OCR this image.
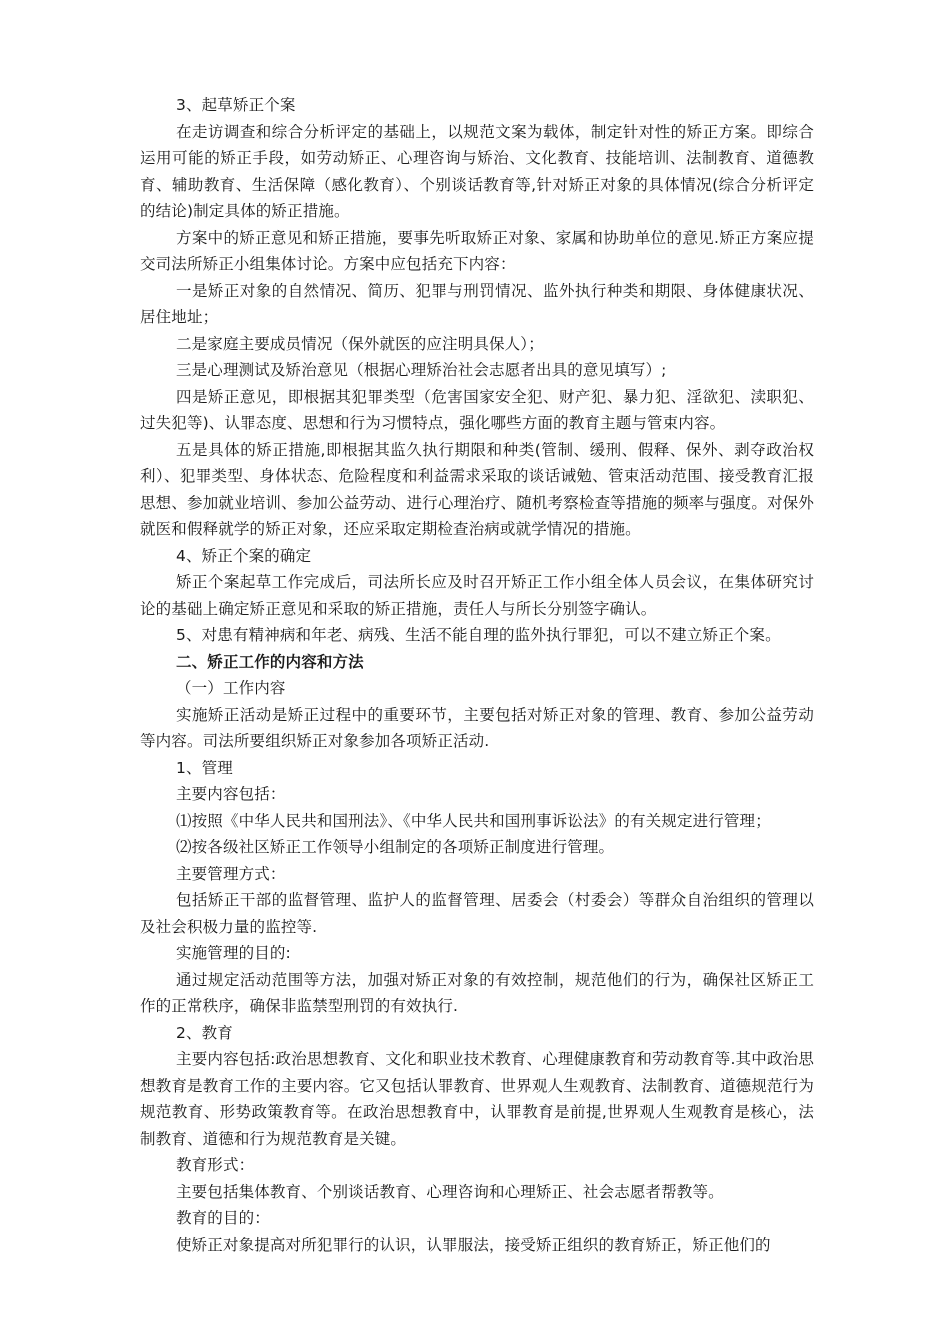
3、起草矫正个案

在走访调查和综合分析评定的基础上，以规范文案为载体，制定针对性的矫正方案。即综合运用可能的矫正手段，如劳动矫正、心理咨询与矫治、文化教育、技能培训、法制教育、道德教育、辅助教育、生活保障（感化教育）、个别谈话教育等,针对矫正对象的具体情况(综合分析评定的结论)制定具体的矫正措施。

方案中的矫正意见和矫正措施，要事先听取矫正对象、家属和协助单位的意见.矫正方案应提交司法所矫正小组集体讨论。方案中应包括充下内容：

一是矫正对象的自然情况、简历、犯罪与刑罚情况、监外执行种类和期限、身体健康状况、居住地址；

二是家庭主要成员情况（保外就医的应注明具保人）；

三是心理测试及矫治意见（根据心理矫治社会志愿者出具的意见填写）;

四是矫正意见，即根据其犯罪类型（危害国家安全犯、财产犯、暴力犯、淫欲犯、渎职犯、过失犯等)、认罪态度、思想和行为习惯特点，强化哪些方面的教育主题与管束内容。

五是具体的矫正措施,即根据其监久执行期限和种类(管制、缓刑、假释、保外、剥夺政治权利）、犯罪类型、身体状态、危险程度和利益需求采取的谈话诫勉、管束活动范围、接受教育汇报思想、参加就业培训、参加公益劳动、进行心理治疗、随机考察检查等措施的频率与强度。对保外就医和假释就学的矫正对象，还应采取定期检查治病或就学情况的措施。

4、矫正个案的确定

矫正个案起草工作完成后，司法所长应及时召开矫正工作小组全体人员会议，在集体研究讨论的基础上确定矫正意见和采取的矫正措施，责任人与所长分别签字确认。

5、对患有精神病和年老、病残、生活不能自理的监外执行罪犯，可以不建立矫正个案。

二、矫正工作的内容和方法

（一）工作内容

实施矫正活动是矫正过程中的重要环节，主要包括对矫正对象的管理、教育、参加公益劳动等内容。司法所要组织矫正对象参加各项矫正活动.

1、管理

主要内容包括：

⑴按照《中华人民共和国刑法》、《中华人民共和国刑事诉讼法》的有关规定进行管理；

⑵按各级社区矫正工作领导小组制定的各项矫正制度进行管理。

主要管理方式：

包括矫正干部的监督管理、监护人的监督管理、居委会（村委会）等群众自治组织的管理以及社会积极力量的监控等.

实施管理的目的:

通过规定活动范围等方法，加强对矫正对象的有效控制，规范他们的行为，确保社区矫正工作的正常秩序，确保非监禁型刑罚的有效执行.

2、教育

主要内容包括:政治思想教育、文化和职业技术教育、心理健康教育和劳动教育等.其中政治思想教育是教育工作的主要内容。它又包括认罪教育、世界观人生观教育、法制教育、道德规范行为规范教育、形势政策教育等。在政治思想教育中，认罪教育是前提,世界观人生观教育是核心，法制教育、道德和行为规范教育是关键。

教育形式：

主要包括集体教育、个别谈话教育、心理咨询和心理矫正、社会志愿者帮教等。

教育的目的：

使矫正对象提高对所犯罪行的认识，认罪服法，接受矫正组织的教育矫正，矫正他们的
